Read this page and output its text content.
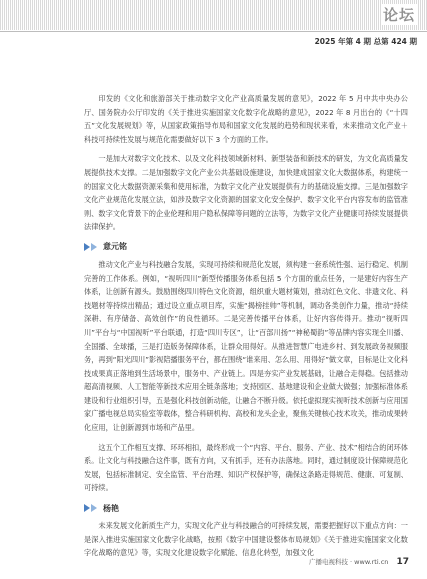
论坛
2025 年第 4 期 总第 424 期

印发的《文化和旅游部关于推动数字文化产业高质量发展的意见》，2022 年 5 月中共中央办公厅、国务院办公厅印发的《关于推进实施国家文化数字化战略的意见》，2022 年 8 月出台的《“十四五”文化发展规划》等，从国家政策指导布局和国家文化发展的趋势和现状来看，未来推动文化产业＋科技可持续性发展与规范化需要做好以下 3 个方面的工作。

一是加大对数字文化技术、以及文化科技领域新材料、新型装备和新技术的研发，为文化高质量发展提供技术支撑。二是加强数字文化产业公共基础设施建设，加快建成国家文化大数据体系，构建统一的国家文化大数据资源采集和使用标准，为数字文化产业发展提供有力的基础设施支撑。三是加强数字文化产业规范化发展立法，如涉及数字文化资源的国家文化安全保护、数字文化平台内容发布的监管准则、数字文化背景下的企业伦理和用户隐私保障等问题的立法等，为数字文化产业健康可持续发展提供法律保护。

意元铭

推动文化产业与科技融合发展，实现可持续和规范化发展，须构建一套系统性强、运行稳定、机制完善的工作体系。例如，“视听四川”新型传播服务体系包括 5 个方面的重点任务，一是建好内容生产体系，让创新有源头。鼓励围绕四川特色文化资源，组织重大题材策划，推动红色文化、非遗文化、科技题材等持续出精品；通过设立重点项目库，实施“揭榜挂帅”等机制，调动各类创作力量，推动“持续深耕、有序储备、高效创作”的良性循环。二是完善传播平台体系，让好内容传得开。推动“视听四川”平台与“中国视听”平台联通，打造“四川专区”，让“百部川扬”“神秘蜀韵”等品牌内容实现全川播、全国播、全球播，三是打造版务保障体系，让群众用得好。从推进智慧广电进乡村、到发展政务视频服务，再到“阳光四川”影视陪播服务平台，都在围绕“谁来用、怎么用、用得好”做文章，目标是让文化科技成果真正落地到生活场景中，服务中、产业链上。四是夯实产业发展基础，让融合走得稳。包括推动超高清视频、人工智能等新技术应用全链条落地；支持园区、基地建设和企业做大做强；加强标准体系建设和行业组织引导，五是强化科技创新动能，让融合不断升级。依托虚拟现实视听技术创新与应用国家广播电视总局实验室等载体，整合科研机构、高校和龙头企业，聚焦关键核心技术攻关，推动成果转化应用，让创新源到市场和产品里。

这五个工作相互支撑、环环相扣，最终形成一个“内容、平台、服务、产业、技术”相结合的闭环体系。让文化与科技融合这件事，既有方向，又有抓手，还有办法落地。同时，通过制度设计保障规范化发展，包括标准制定、安全监管、平台治理、知识产权保护等，确保这条路走得规范、健康、可复制、可持续。

杨艳

未来发展文化新质生产力，实现文化产业与科技融合的可持续发展，需要把握好以下重点方向：一是深入推进实施国家文化数字化战略，按照《数字中国建设整体布局规划》《关于推进实施国家文化数字化战略的意见》等，实现文化建设数字化赋能、信息化转型，加强文化

广播电视科技 · www.rti.cn 17
